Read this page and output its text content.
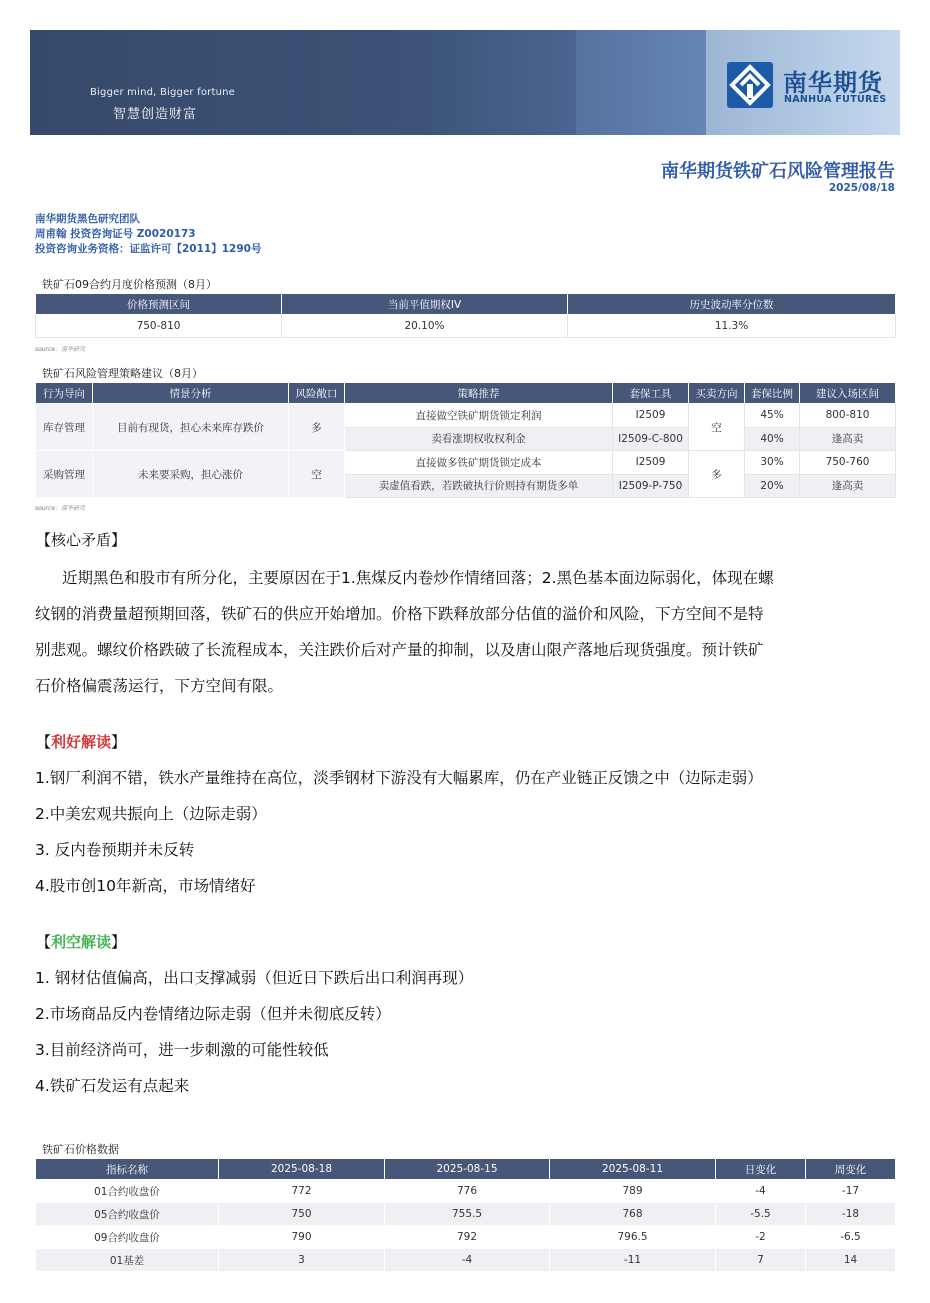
Bigger mind, Bigger fortune
智慧创造财富
南华期货
NANHUA FUTURES
南华期货铁矿石风险管理报告
2025/08/18
南华期货黑色研究团队
周甫翰 投资咨询证号 Z0020173
投资咨询业务资格：证监许可【2011】1290号
铁矿石09合约月度价格预测（8月）
价格预测区间	当前平值期权IV	历史波动率分位数
750-810	20.10%	11.3%
source：南华研究
铁矿石风险管理策略建议（8月）
行为导向	情景分析	风险敞口	策略推荐	套保工具	买卖方向	套保比例	建议入场区间
库存管理	目前有现货，担心未来库存跌价	多	直接做空铁矿期货锁定利润	I2509	空	45%	800-810
			卖看涨期权收权利金	I2509-C-800		40%	逢高卖
采购管理	未来要采购，担心涨价	空	直接做多铁矿期货锁定成本	I2509	多	30%	750-760
			卖虚值看跌，若跌破执行价则持有期货多单	I2509-P-750		20%	逢高卖
source：南华研究
【核心矛盾】
近期黑色和股市有所分化，主要原因在于1.焦煤反内卷炒作情绪回落；2.黑色基本面边际弱化，体现在螺
纹钢的消费量超预期回落，铁矿石的供应开始增加。价格下跌释放部分估值的溢价和风险，下方空间不是特
别悲观。螺纹价格跌破了长流程成本，关注跌价后对产量的抑制，以及唐山限产落地后现货强度。预计铁矿
石价格偏震荡运行，下方空间有限。
【利好解读】
1.钢厂利润不错，铁水产量维持在高位，淡季钢材下游没有大幅累库，仍在产业链正反馈之中（边际走弱）
2.中美宏观共振向上（边际走弱）
3. 反内卷预期并未反转
4.股市创10年新高，市场情绪好
【利空解读】
1. 钢材估值偏高，出口支撑减弱（但近日下跌后出口利润再现）
2.市场商品反内卷情绪边际走弱（但并未彻底反转）
3.目前经济尚可，进一步刺激的可能性较低
4.铁矿石发运有点起来
铁矿石价格数据
指标名称	2025-08-18	2025-08-15	2025-08-11	日变化	周变化
01合约收盘价	772	776	789	-4	-17
05合约收盘价	750	755.5	768	-5.5	-18
09合约收盘价	790	792	796.5	-2	-6.5
01基差	3	-4	-11	7	14
